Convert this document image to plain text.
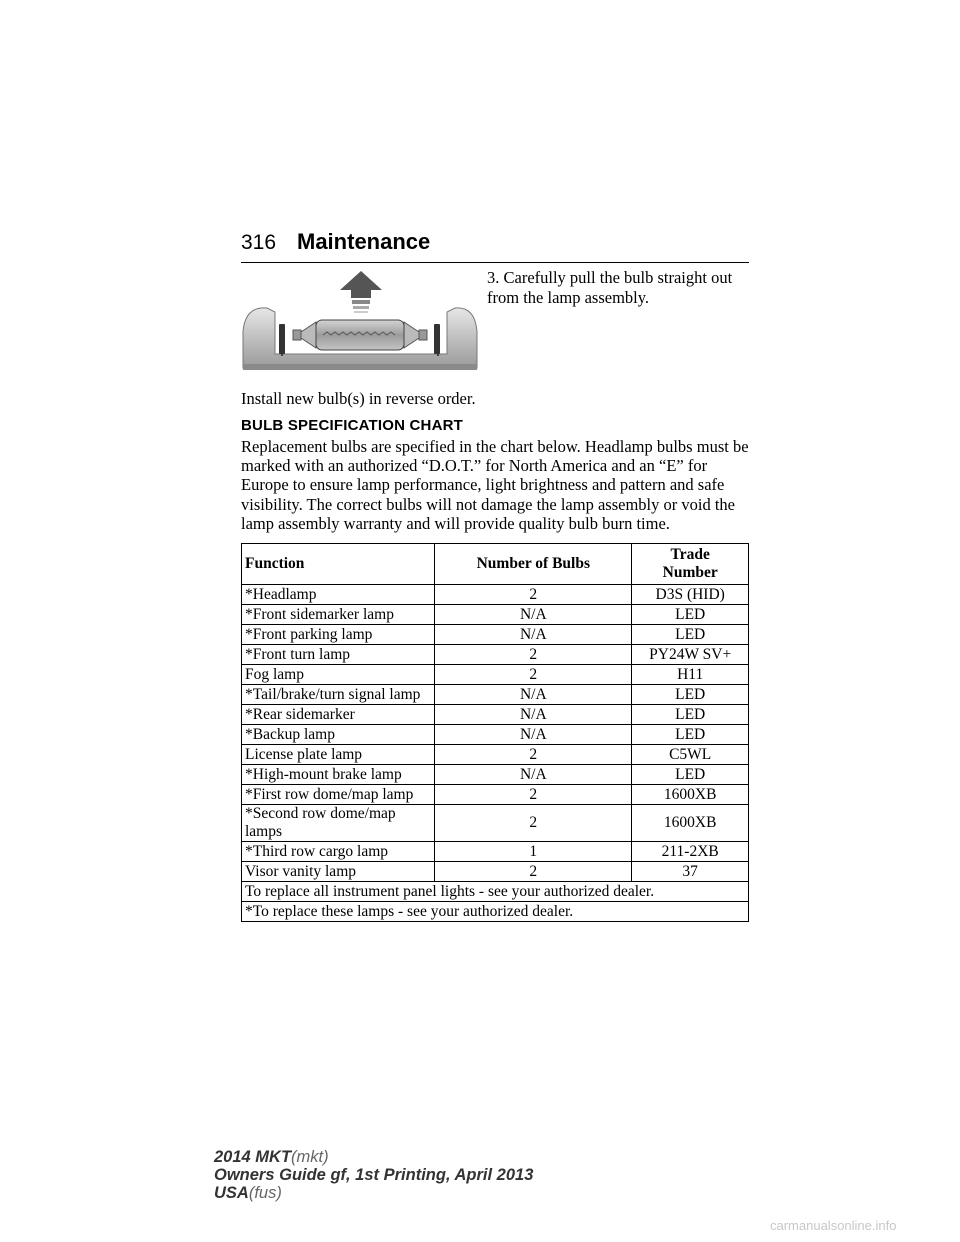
316 Maintenance
3. Carefully pull the bulb straight out from the lamp assembly.
Install new bulb(s) in reverse order.
BULB SPECIFICATION CHART
Replacement bulbs are specified in the chart below. Headlamp bulbs must be marked with an authorized “D.O.T.” for North America and an “E” for Europe to ensure lamp performance, light brightness and pattern and safe visibility. The correct bulbs will not damage the lamp assembly or void the lamp assembly warranty and will provide quality bulb burn time.
Function	Number of Bulbs	Trade
Number
*Headlamp	2	D3S (HID)
*Front sidemarker lamp	N/A	LED
*Front parking lamp	N/A	LED
*Front turn lamp	2	PY24W SV+
Fog lamp	2	H11
*Tail/brake/turn signal lamp	N/A	LED
*Rear sidemarker	N/A	LED
*Backup lamp	N/A	LED
License plate lamp	2	C5WL
*High-mount brake lamp	N/A	LED
*First row dome/map lamp	2	1600XB
*Second row dome/map lamps	2	1600XB
*Third row cargo lamp	1	211-2XB
Visor vanity lamp	2	37
To replace all instrument panel lights - see your authorized dealer.		
*To replace these lamps - see your authorized dealer.		
2014 MKT(mkt)
Owners Guide gf, 1st Printing, April 2013
USA(fus)
carmanualsonline.info
